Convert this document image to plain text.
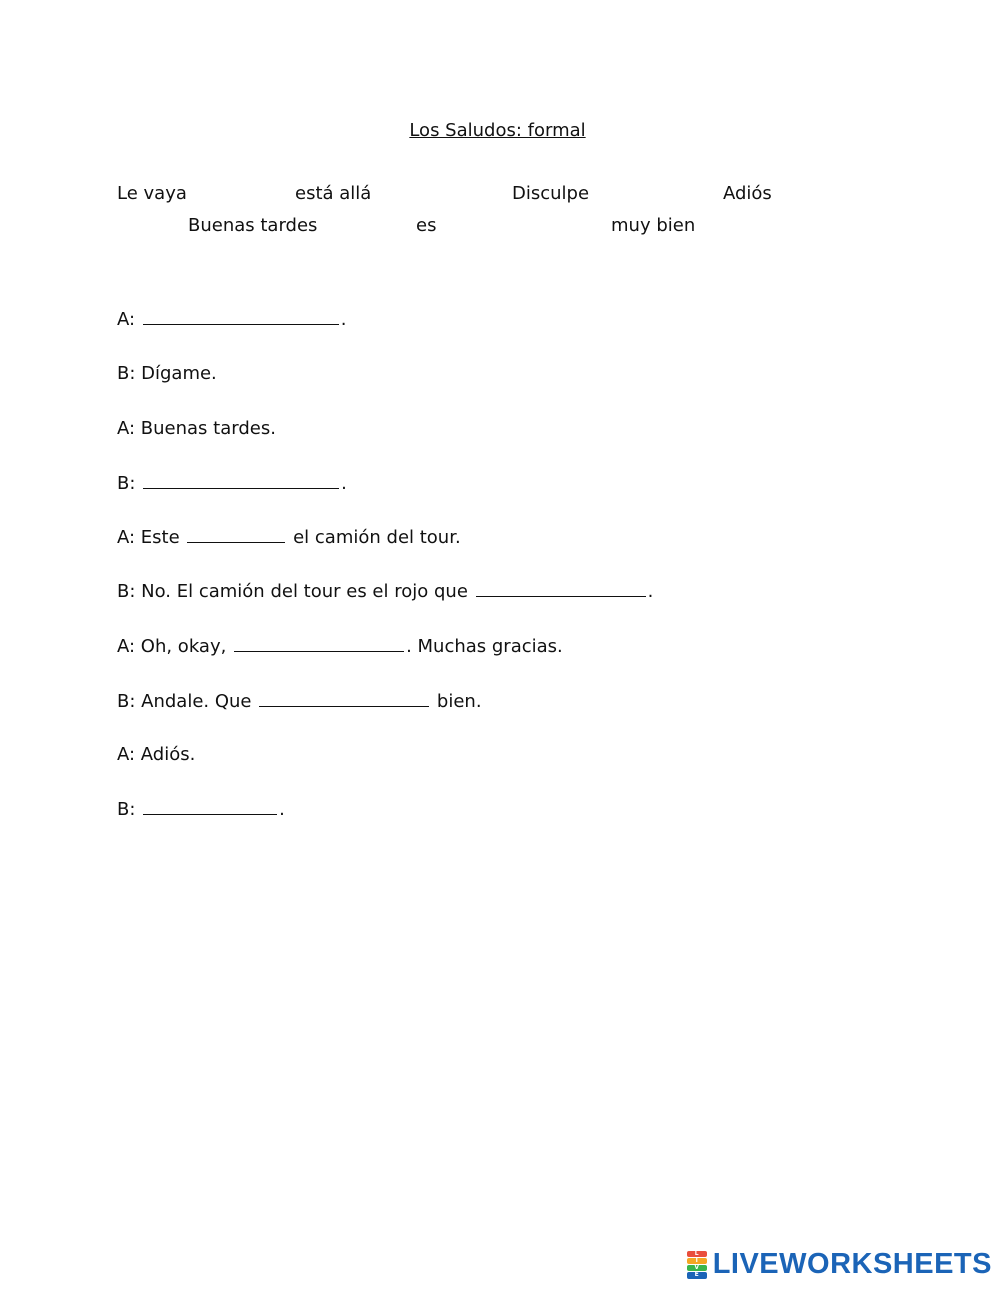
Los Saludos: formal
Le vaya	está allá	Disculpe	Adiós
Buenas tardes	es	muy bien
A:	.
B: Dígame.
A: Buenas tardes.
B:	.
A: Este	el camión del tour.
B: No. El camión del tour es el rojo que	.
A: Oh, okay,	. Muchas gracias.
B: Andale. Que	bien.
A: Adiós.
B:	.
L
I
V
E LIVEWORKSHEETS
